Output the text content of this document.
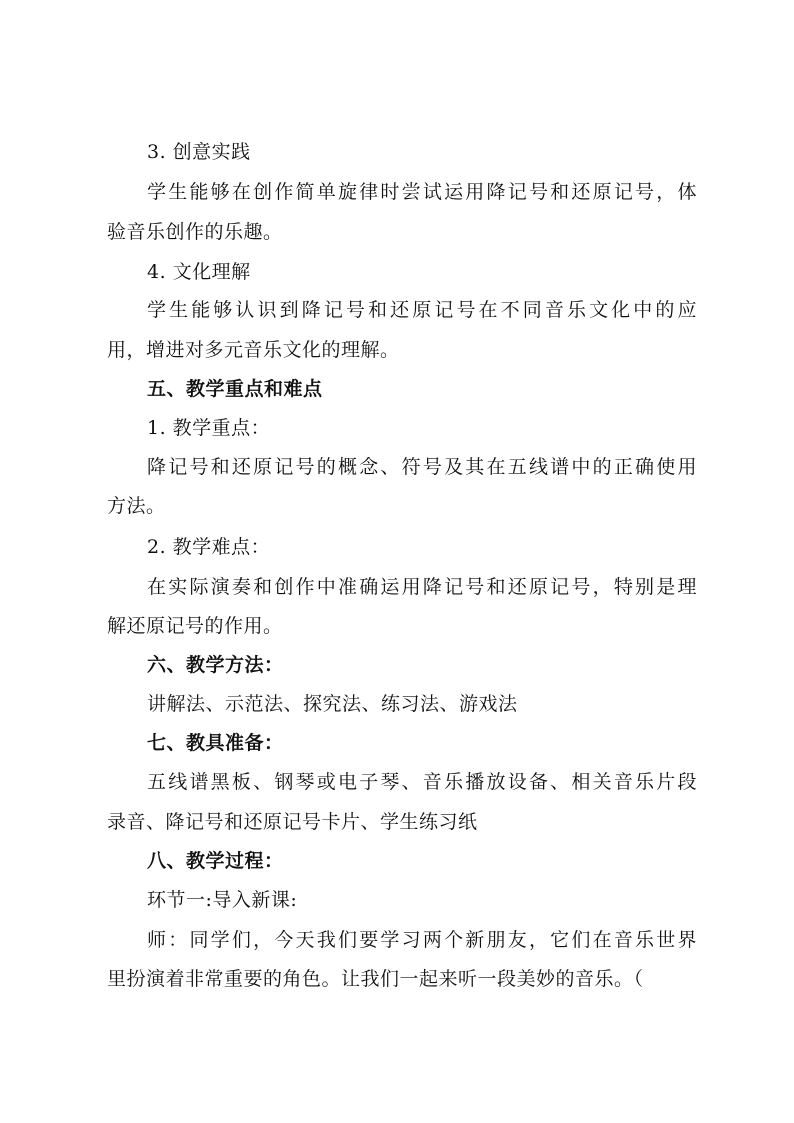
3. 创意实践
学生能够在创作简单旋律时尝试运用降记号和还原记号，体
验音乐创作的乐趣。
4. 文化理解
学生能够认识到降记号和还原记号在不同音乐文化中的应
用，增进对多元音乐文化的理解。
五、教学重点和难点
1. 教学重点：
降记号和还原记号的概念、符号及其在五线谱中的正确使用
方法。
2. 教学难点：
在实际演奏和创作中准确运用降记号和还原记号，特别是理
解还原记号的作用。
六、教学方法：
讲解法、示范法、探究法、练习法、游戏法
七、教具准备：
五线谱黑板、钢琴或电子琴、音乐播放设备、相关音乐片段
录音、降记号和还原记号卡片、学生练习纸
八、教学过程：
环节一:导入新课:
师：同学们，今天我们要学习两个新朋友，它们在音乐世界
里扮演着非常重要的角色。让我们一起来听一段美妙的音乐。（
